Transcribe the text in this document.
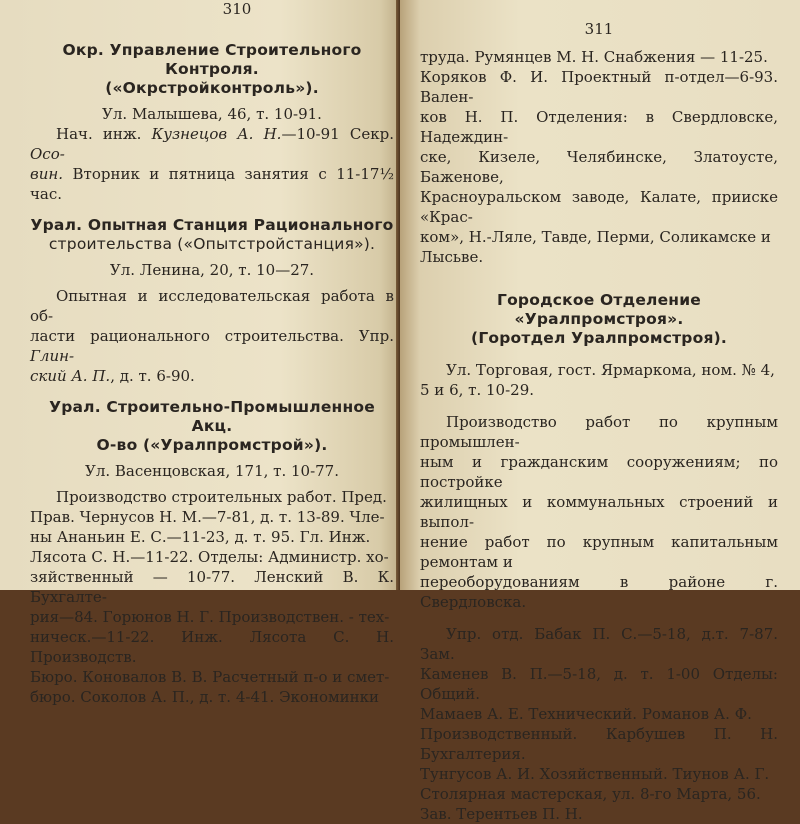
310

Окр. Управление Строительного Контроля.

(«Окрстройконтроль»).

Ул. Малышева, 46, т. 10-91.

Нач. инж. Кузнецов А. Н.—10-91 Секр. Осо-

вин. Вторник и пятница занятия с 11-17½ час.

Урал. Опытная Станция Рационального

строительства («Опытстройстанция»).

Ул. Ленина, 20, т. 10—27.

Опытная и исследовательская работа в об-

ласти рационального строительства. Упр. Глин-

ский А. П., д. т. 6-90.

Урал. Строительно-Промышленное Акц.

О-во («Уралпромстрой»).

Ул. Васенцовская, 171, т. 10-77.

Производство строительных работ. Пред.

Прав. Чернусов Н. М.—7-81, д. т. 13-89. Чле-

ны Ананьин Е. С.—11-23, д. т. 95. Гл. Инж.

Лясота С. Н.—11-22. Отделы: Администр. хо-

зяйственный — 10-77. Ленский В. К. Бухгалте-

рия—84. Горюнов Н. Г. Производствен. - тех-

ническ.—11-22. Инж. Лясота С. Н. Производств.

Бюро. Коновалов В. В. Расчетный п-о и смет-

бюро. Соколов А. П., д. т. 4-41. Экономинки

311

труда. Румянцев М. Н. Снабжения — 11-25.

Коряков Ф. И. Проектный п-отдел—6-93. Вален-

ков Н. П. Отделения: в Свердловске, Надеждин-

ске, Кизеле, Челябинске, Златоусте, Баженове,

Красноуральском заводе, Калате, прииске «Крас-

ком», Н.-Ляле, Тавде, Перми, Соликамске и

Лысьве.

Городское Отделение «Уралпромстроя».

(Горотдел Уралпромстроя).

Ул. Торговая, гост. Ярмаркома, ном. № 4,

5 и 6, т. 10-29.

Производство работ по крупным промышлен-

ным и гражданским сооружениям; по постройке

жилищных и коммунальных строений и выпол-

нение работ по крупным капитальным ремонтам и

переоборудованиям в районе г. Свердловска.

Упр. отд. Бабак П. С.—5-18, д.т. 7-87. Зам.

Каменев В. П.—5-18, д. т. 1-00 Отделы: Общий.

Мамаев А. Е. Технический. Романов А. Ф.

Производственный. Карбушев П. Н. Бухгалтерия.

Тунгусов А. И. Хозяйственный. Тиунов А. Г.

Столярная мастерская, ул. 8-го Марта, 56.

Зав. Терентьев П. Н.
